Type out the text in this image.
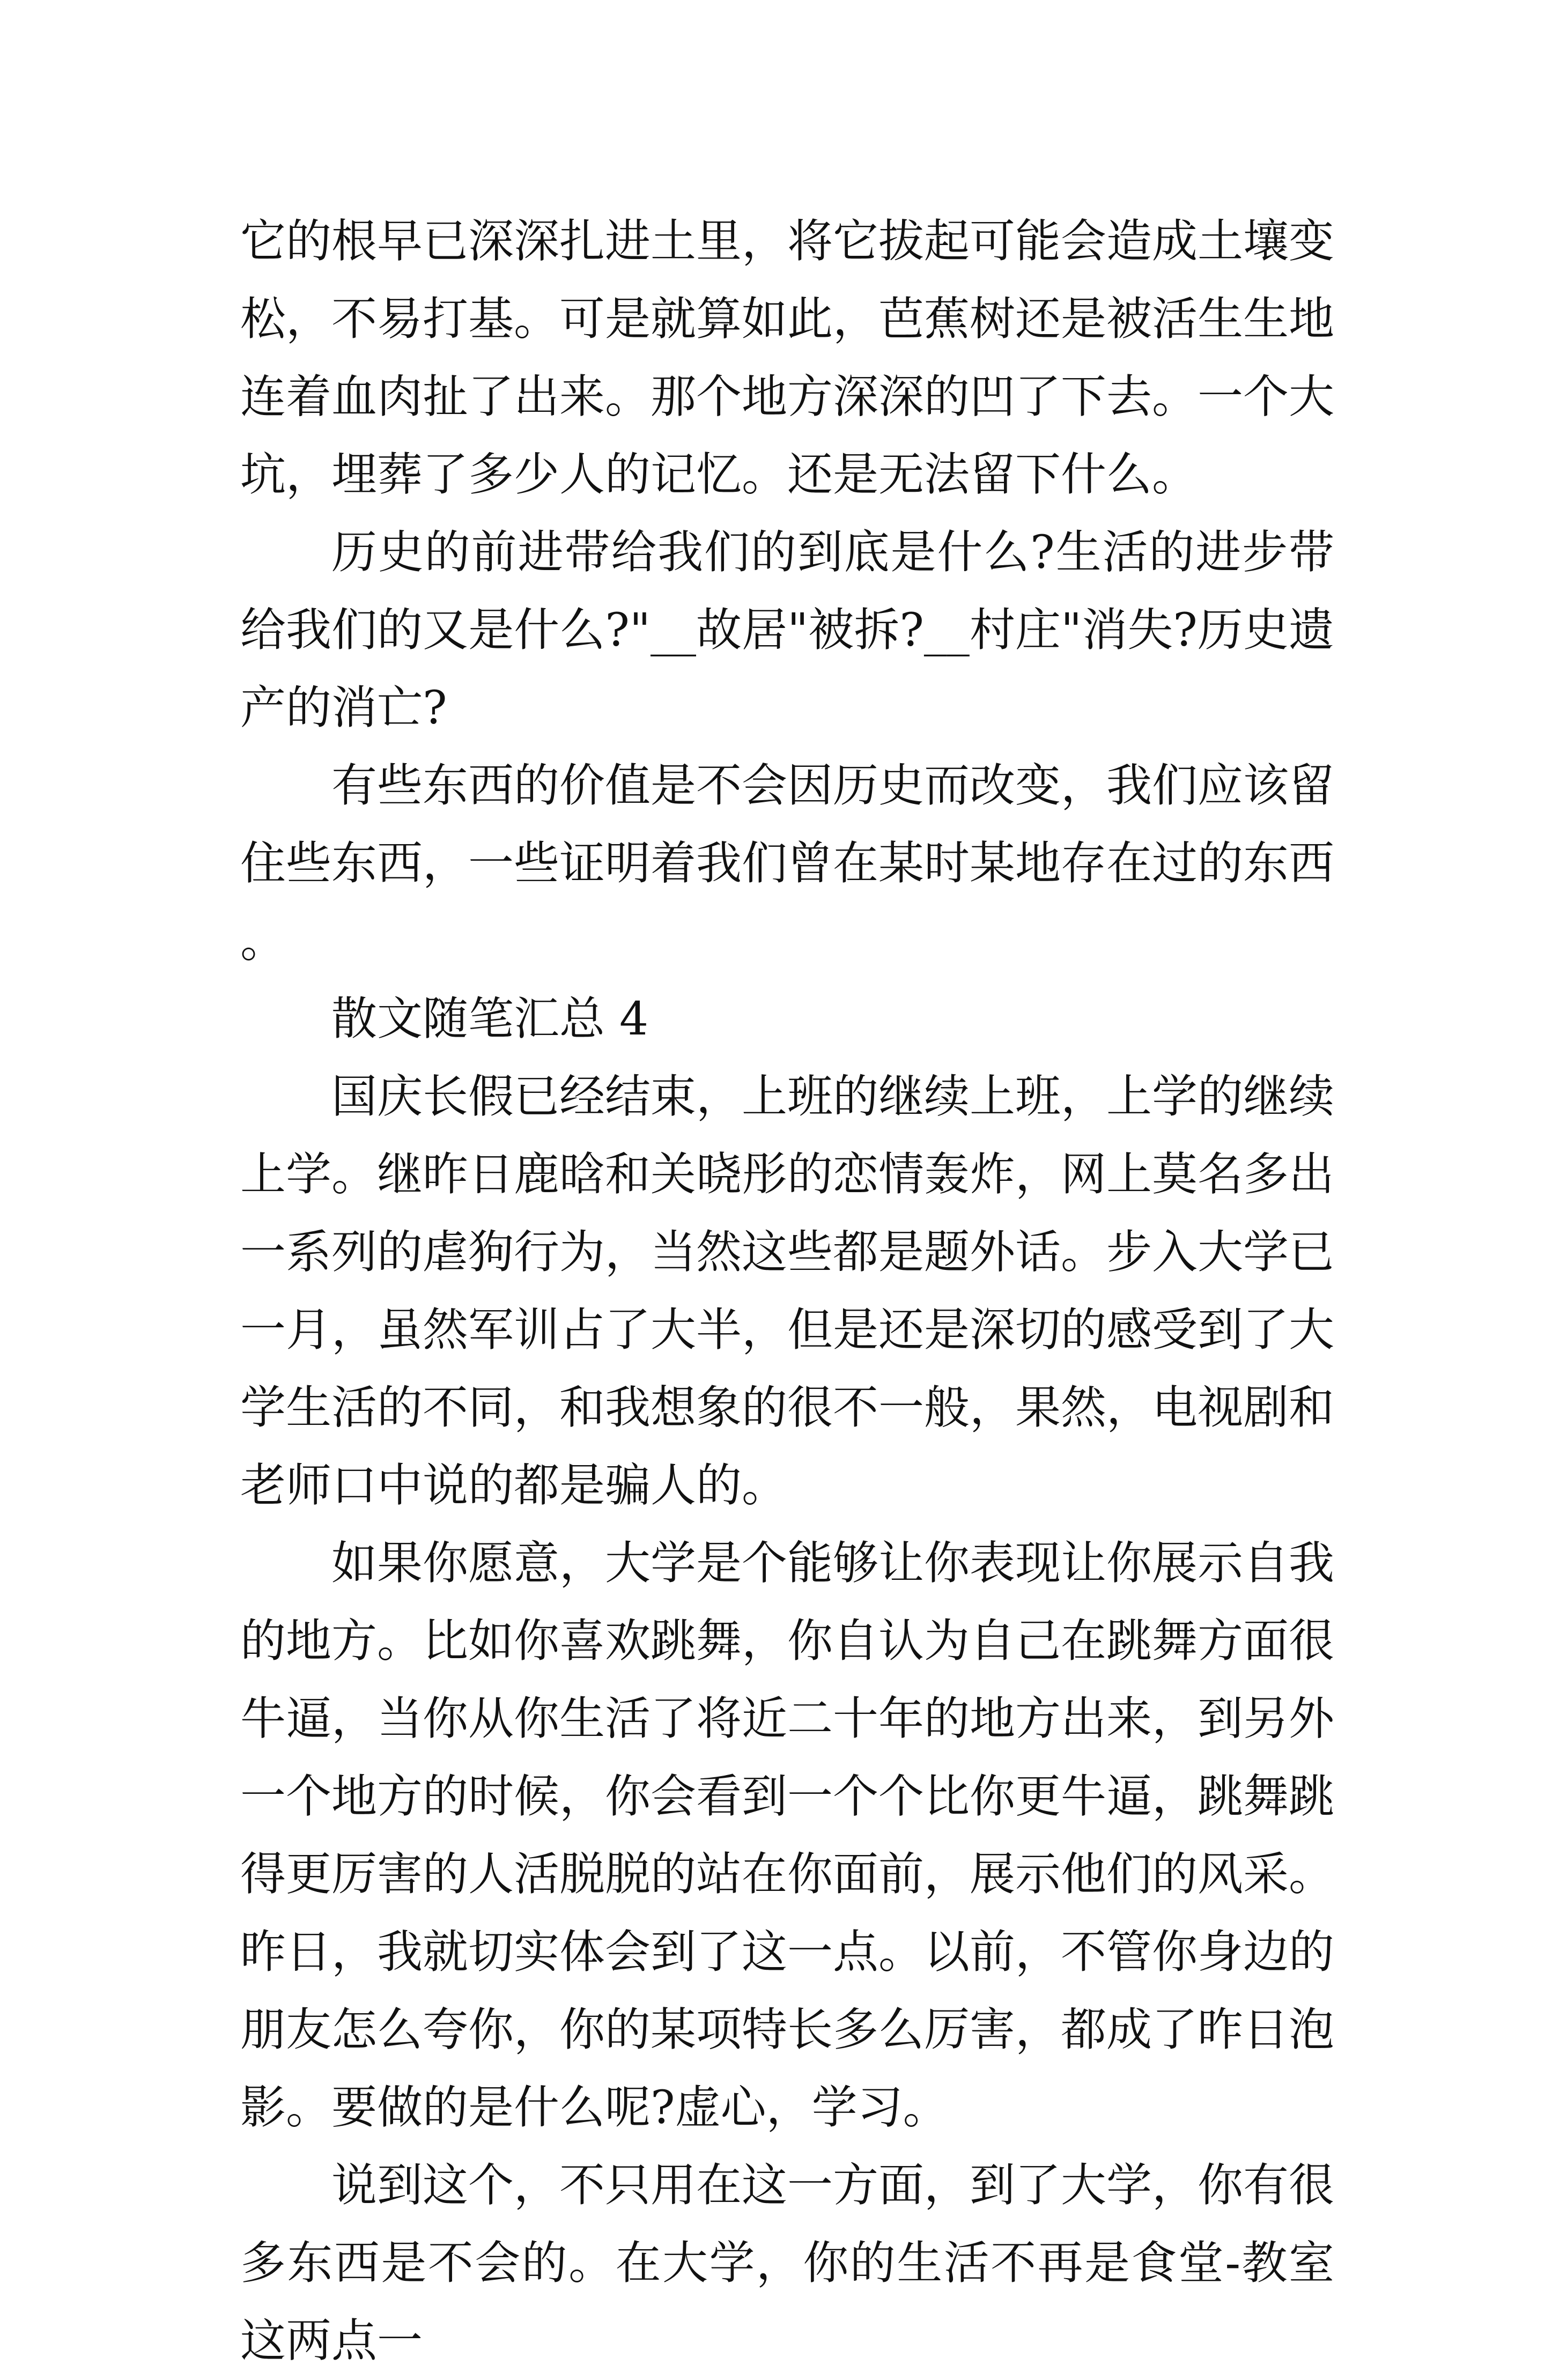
它的根早已深深扎进土里，将它拔起可能会造成土壤变松，不易打基。可是就算如此，芭蕉树还是被活生生地连着血肉扯了出来。那个地方深深的凹了下去。一个大坑，埋葬了多少人的记忆。还是无法留下什么。

历史的前进带给我们的到底是什么?生活的进步带给我们的又是什么?"__故居"被拆?__村庄"消失?历史遗产的消亡?

有些东西的价值是不会因历史而改变，我们应该留住些东西，一些证明着我们曾在某时某地存在过的东西。

散文随笔汇总 4

国庆长假已经结束，上班的继续上班，上学的继续上学。继昨日鹿晗和关晓彤的恋情轰炸，网上莫名多出一系列的虐狗行为，当然这些都是题外话。步入大学已一月，虽然军训占了大半，但是还是深切的感受到了大学生活的不同，和我想象的很不一般，果然，电视剧和老师口中说的都是骗人的。

如果你愿意，大学是个能够让你表现让你展示自我的地方。比如你喜欢跳舞，你自认为自己在跳舞方面很牛逼，当你从你生活了将近二十年的地方出来，到另外一个地方的时候，你会看到一个个比你更牛逼，跳舞跳得更厉害的人活脱脱的站在你面前，展示他们的风采。昨日，我就切实体会到了这一点。以前，不管你身边的朋友怎么夸你，你的某项特长多么厉害，都成了昨日泡影。要做的是什么呢?虚心，学习。

说到这个，不只用在这一方面，到了大学，你有很多东西是不会的。在大学，你的生活不再是食堂-教室这两点一
